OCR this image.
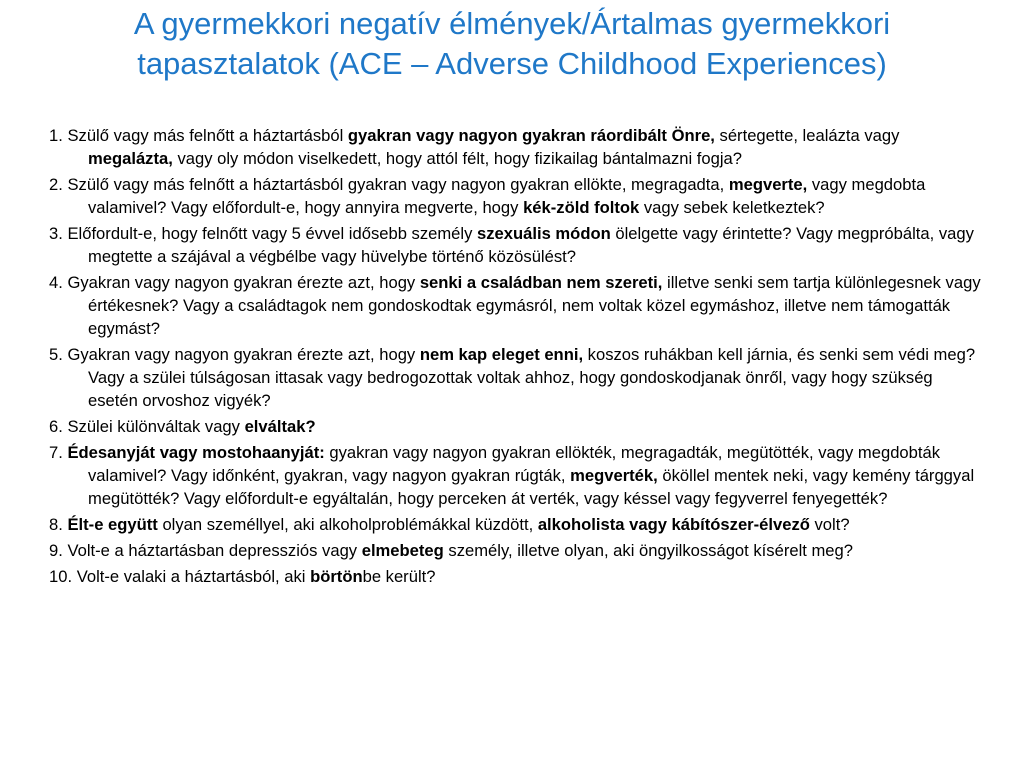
A gyermekkori negatív élmények/Ártalmas gyermekkori
tapasztalatok (ACE – Adverse Childhood Experiences)
1. Szülő vagy más felnőtt a háztartásból gyakran vagy nagyon gyakran ráordibált Önre, sértegette, lealázta vagy megalázta, vagy oly módon viselkedett, hogy attól félt, hogy fizikailag bántalmazni fogja?
2. Szülő vagy más felnőtt a háztartásból gyakran vagy nagyon gyakran ellökte, megragadta, megverte, vagy megdobta valamivel? Vagy előfordult-e, hogy annyira megverte, hogy kék-zöld foltok vagy sebek keletkeztek?
3. Előfordult-e, hogy felnőtt vagy 5 évvel idősebb személy szexuális módon ölelgette vagy érintette? Vagy megpróbálta, vagy megtette a szájával a végbélbe vagy hüvelybe történő közösülést?
4. Gyakran vagy nagyon gyakran érezte azt, hogy senki a családban nem szereti, illetve senki sem tartja különlegesnek vagy értékesnek? Vagy a családtagok nem gondoskodtak egymásról, nem voltak közel egymáshoz, illetve nem támogatták egymást?
5. Gyakran vagy nagyon gyakran érezte azt, hogy nem kap eleget enni, koszos ruhákban kell járnia, és senki sem védi meg? Vagy a szülei túlságosan ittasak vagy bedrogozottak voltak ahhoz, hogy gondoskodjanak önről, vagy hogy szükség esetén orvoshoz vigyék?
6. Szülei különváltak vagy elváltak?
7. Édesanyját vagy mostohaanyját: gyakran vagy nagyon gyakran ellökték, megragadták, megütötték, vagy megdobták valamivel? Vagy időnként, gyakran, vagy nagyon gyakran rúgták, megverték, ököllel mentek neki, vagy kemény tárggyal megütötték? Vagy előfordult-e egyáltalán, hogy perceken át verték, vagy késsel vagy fegyverrel fenyegették?
8. Élt-e együtt olyan személlyel, aki alkoholproblémákkal küzdött, alkoholista vagy kábítószer-élvező volt?
9. Volt-e a háztartásban depressziós vagy elmebeteg személy, illetve olyan, aki öngyilkosságot kísérelt meg?
10. Volt-e valaki a háztartásból, aki börtönbe került?
